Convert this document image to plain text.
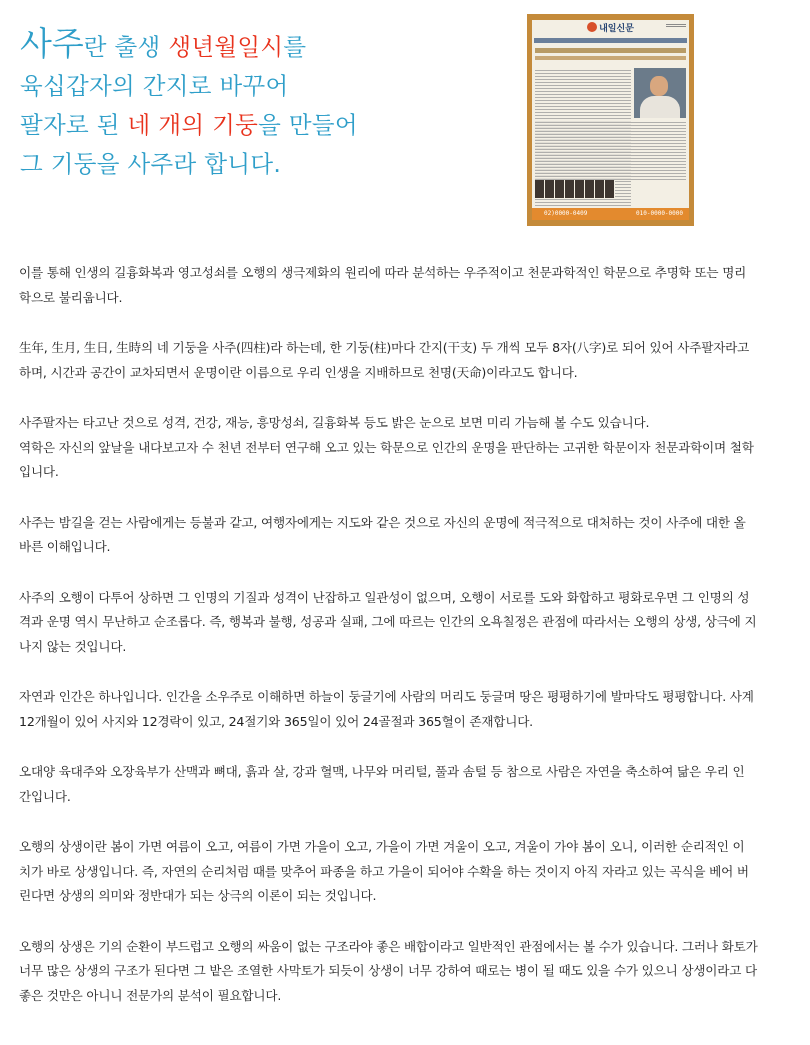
사주란 출생 생년월일시를
육십갑자의 간지로 바꾸어
팔자로 된 네 개의 기둥을 만들어
그 기둥을 사주라 합니다.
내일신문
02)0000-0409	010-0000-0000

이를 통해 인생의 길흉화복과 영고성쇠를 오행의 생극제화의 원리에 따라 분석하는 우주적이고 천문과학적인 학문으로 추명학 또는 명리
학으로 불리웁니다.

生年, 生月, 生日, 生時의 네 기둥을 사주(四柱)라 하는데, 한 기둥(柱)마다 간지(干支) 두 개씩 모두 8자(八字)로 되어 있어 사주팔자라고
하며, 시간과 공간이 교차되면서 운명이란 이름으로 우리 인생을 지배하므로 천명(天命)이라고도 합니다.

사주팔자는 타고난 것으로 성격, 건강, 재능, 흥망성쇠, 길흉화복 등도 밝은 눈으로 보면 미리 가늠해 볼 수도 있습니다.
역학은 자신의 앞날을 내다보고자 수 천년 전부터 연구해 오고 있는 학문으로 인간의 운명을 판단하는 고귀한 학문이자 천문과학이며 철학
입니다.

사주는 밤길을 걷는 사람에게는 등불과 같고, 여행자에게는 지도와 같은 것으로 자신의 운명에 적극적으로 대처하는 것이 사주에 대한 올
바른 이해입니다.

사주의 오행이 다투어 상하면 그 인명의 기질과 성격이 난잡하고 일관성이 없으며, 오행이 서로를 도와 화합하고 평화로우면 그 인명의 성
격과 운명 역시 무난하고 순조롭다. 즉, 행복과 불행, 성공과 실패, 그에 따르는 인간의 오욕칠정은 관점에 따라서는 오행의 상생, 상극에 지
나지 않는 것입니다.

자연과 인간은 하나입니다. 인간을 소우주로 이해하면 하늘이 둥글기에 사람의 머리도 둥글며 땅은 평평하기에 발마닥도 평평합니다. 사계
12개월이 있어 사지와 12경락이 있고, 24절기와 365일이 있어 24골절과 365혈이 존재합니다.

오대양 육대주와 오장육부가 산맥과 뼈대, 흙과 살, 강과 혈맥, 나무와 머리털, 풀과 솜털 등 참으로 사람은 자연을 축소하여 닮은 우리 인
간입니다.

오행의 상생이란 봄이 가면 여름이 오고, 여름이 가면 가을이 오고, 가을이 가면 겨울이 오고, 겨울이 가야 봄이 오니, 이러한 순리적인 이
치가 바로 상생입니다. 즉, 자연의 순리처럼 때를 맞추어 파종을 하고 가을이 되어야 수확을 하는 것이지 아직 자라고 있는 곡식을 베어 버
린다면 상생의 의미와 정반대가 되는 상극의 이론이 되는 것입니다.

오행의 상생은 기의 순환이 부드럽고 오행의 싸움이 없는 구조라야 좋은 배합이라고 일반적인 관점에서는 볼 수가 있습니다. 그러나 화토가
너무 많은 상생의 구조가 된다면 그 밭은 조열한 사막토가 되듯이 상생이 너무 강하여 때로는 병이 될 때도 있을 수가 있으니 상생이라고 다
좋은 것만은 아니니 전문가의 분석이 필요합니다.
